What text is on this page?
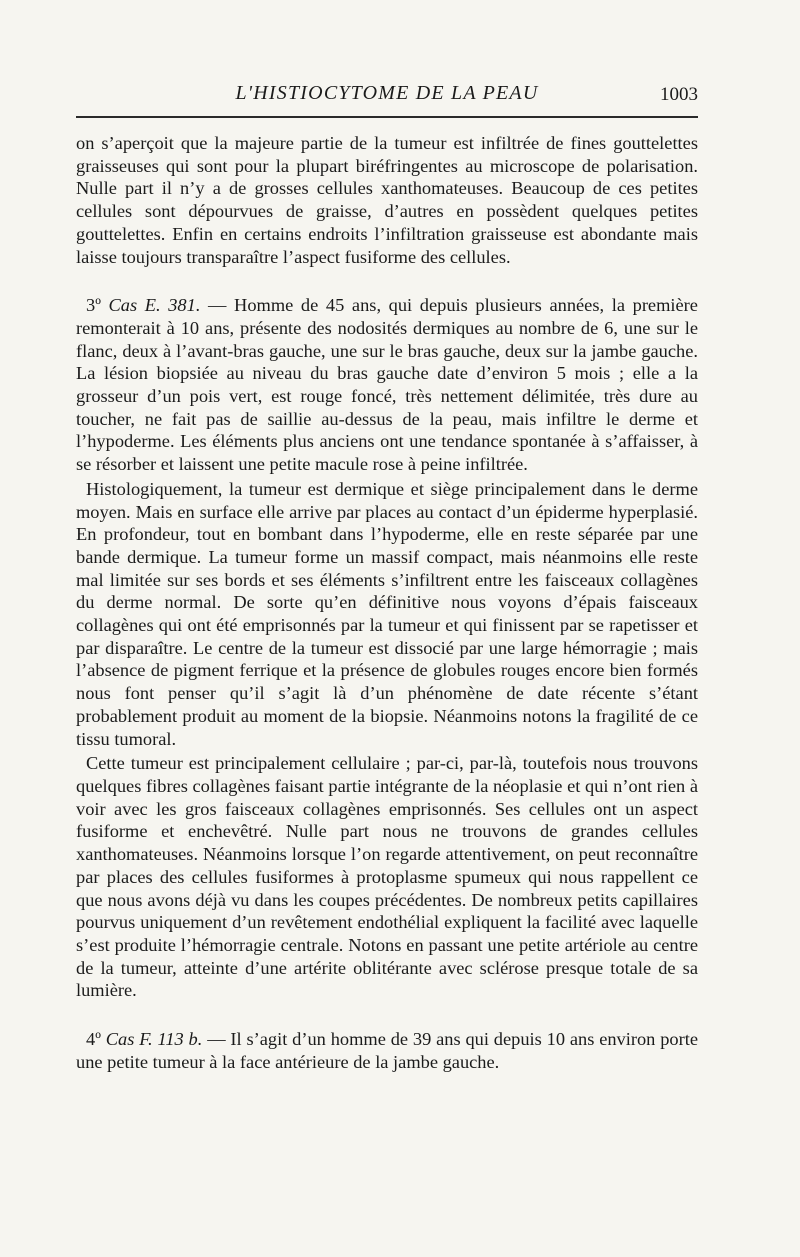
L'HISTIOCYTOME DE LA PEAU	1003

on s’aperçoit que la majeure partie de la tumeur est infiltrée de fines gouttelettes graisseuses qui sont pour la plupart biréfringentes au microscope de polarisation. Nulle part il n’y a de grosses cellules xanthomateuses. Beaucoup de ces petites cellules sont dépourvues de graisse, d’autres en possèdent quelques petites gouttelettes. Enfin en certains endroits l’infiltration graisseuse est abondante mais laisse toujours transparaître l’aspect fusiforme des cellules.

3º Cas E. 381. — Homme de 45 ans, qui depuis plusieurs années, la première remonterait à 10 ans, présente des nodosités dermiques au nombre de 6, une sur le flanc, deux à l’avant-bras gauche, une sur le bras gauche, deux sur la jambe gauche. La lésion biopsiée au niveau du bras gauche date d’environ 5 mois ; elle a la grosseur d’un pois vert, est rouge foncé, très nettement délimitée, très dure au toucher, ne fait pas de saillie au-dessus de la peau, mais infiltre le derme et l’hypoderme. Les éléments plus anciens ont une tendance spontanée à s’affaisser, à se résorber et laissent une petite macule rose à peine infiltrée.

Histologiquement, la tumeur est dermique et siège principalement dans le derme moyen. Mais en surface elle arrive par places au contact d’un épiderme hyperplasié. En profondeur, tout en bombant dans l’hypoderme, elle en reste séparée par une bande dermique. La tumeur forme un massif compact, mais néanmoins elle reste mal limitée sur ses bords et ses éléments s’infiltrent entre les faisceaux collagènes du derme normal. De sorte qu’en définitive nous voyons d’épais faisceaux collagènes qui ont été emprisonnés par la tumeur et qui finissent par se rapetisser et par disparaître. Le centre de la tumeur est dissocié par une large hémorragie ; mais l’absence de pigment ferrique et la présence de globules rouges encore bien formés nous font penser qu’il s’agit là d’un phénomène de date récente s’étant probablement produit au moment de la biopsie. Néanmoins notons la fragilité de ce tissu tumoral.

Cette tumeur est principalement cellulaire ; par-ci, par-là, toutefois nous trouvons quelques fibres collagènes faisant partie intégrante de la néoplasie et qui n’ont rien à voir avec les gros faisceaux collagènes emprisonnés. Ses cellules ont un aspect fusiforme et enchevêtré. Nulle part nous ne trouvons de grandes cellules xanthomateuses. Néanmoins lorsque l’on regarde attentivement, on peut reconnaître par places des cellules fusiformes à protoplasme spumeux qui nous rappellent ce que nous avons déjà vu dans les coupes précédentes. De nombreux petits capillaires pourvus uniquement d’un revêtement endothélial expliquent la facilité avec laquelle s’est produite l’hémorragie centrale. Notons en passant une petite artériole au centre de la tumeur, atteinte d’une artérite oblitérante avec sclérose presque totale de sa lumière.

4º Cas F. 113 b. — Il s’agit d’un homme de 39 ans qui depuis 10 ans environ porte une petite tumeur à la face antérieure de la jambe gauche.
